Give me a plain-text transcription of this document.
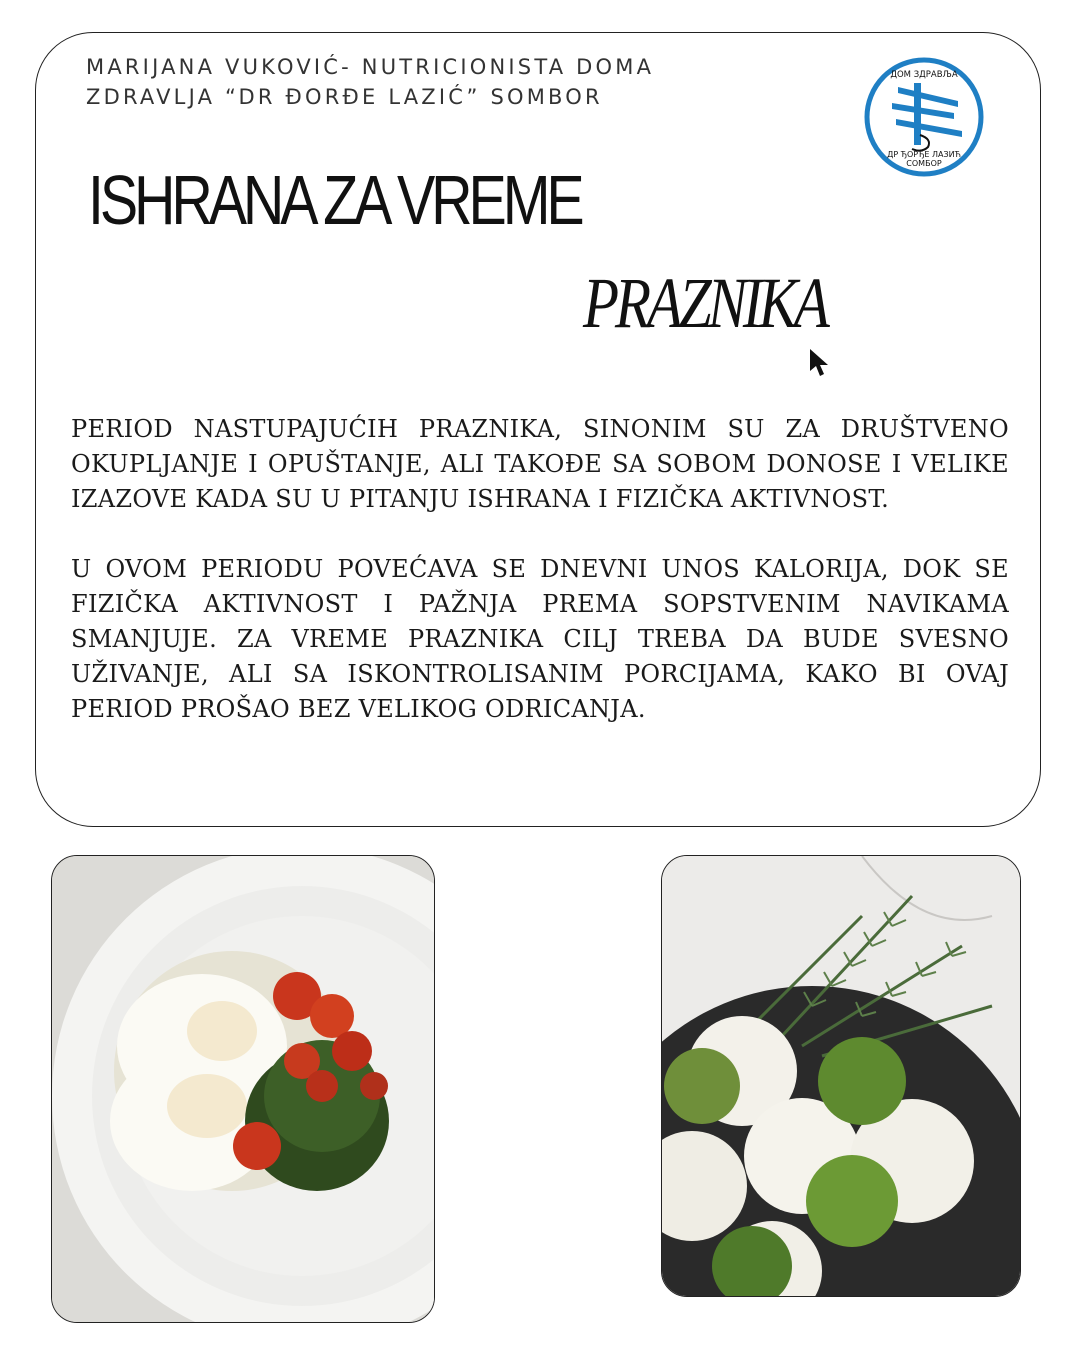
MARIJANA VUKOVIĆ- NUTRICIONISTA DOMA
ZDRAVLJA “DR ĐORĐE LAZIĆ” SOMBOR
ДОМ ЗДРАВЉА
ДР ЂОРЂЕ ЛАЗИЋ
СОМБОР
ISHRANA ZA VREME
PRAZNIKA

PERIOD NASTUPAJUĆIH PRAZNIKA, SINONIM SU ZA DRUŠTVENO OKUPLJANJE I OPUŠTANJE, ALI TAKOĐE SA SOBOM DONOSE I VELIKE IZAZOVE KADA SU U PITANJU ISHRANA I FIZIČKA AKTIVNOST.

U OVOM PERIODU POVEĆAVA SE DNEVNI UNOS KALORIJA, DOK SE FIZIČKA AKTIVNOST I PAŽNJA PREMA SOPSTVENIM NAVIKAMA SMANJUJE. ZA VREME PRAZNIKA CILJ TREBA DA BUDE SVESNO UŽIVANJE, ALI SA ISKONTROLISANIM PORCIJAMA, KAKO BI OVAJ PERIOD PROŠAO BEZ VELIKOG ODRICANJA.
